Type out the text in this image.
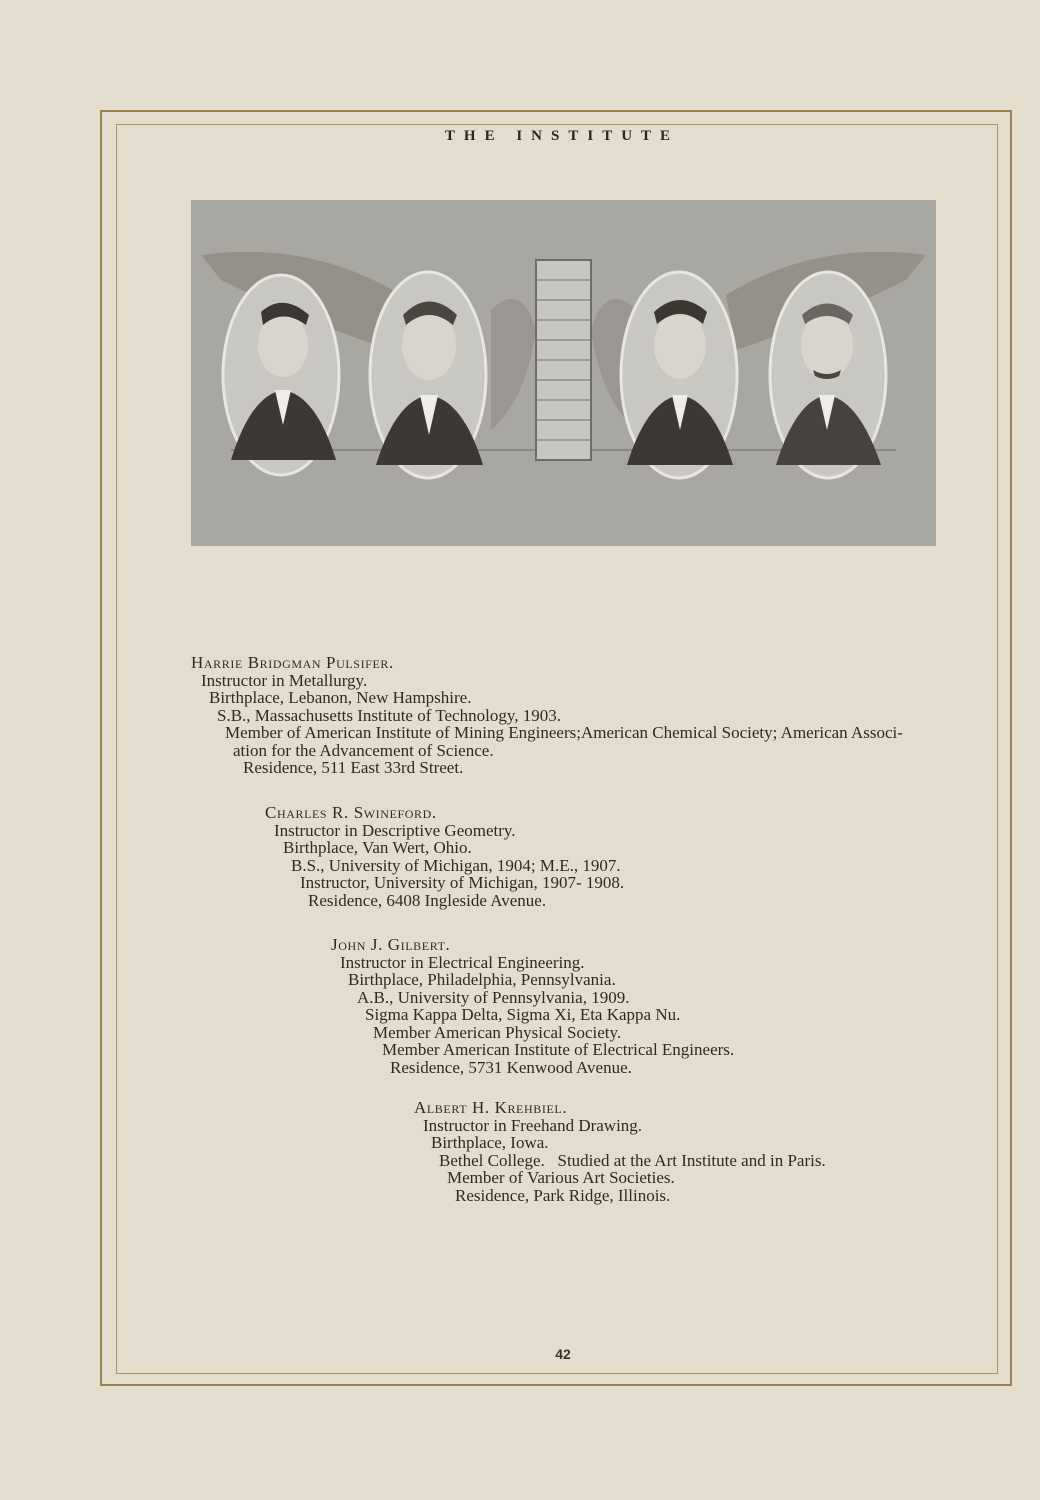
THE INSTITUTE
Harrie Bridgman Pulsifer.
Instructor in Metallurgy.
Birthplace, Lebanon, New Hampshire.
S.B., Massachusetts Institute of Technology, 1903.
Member of American Institute of Mining Engineers;American Chemical Society; American Associ-
ation for the Advancement of Science.
Residence, 511 East 33rd Street.
Charles R. Swineford.
Instructor in Descriptive Geometry.
Birthplace, Van Wert, Ohio.
B.S., University of Michigan, 1904; M.E., 1907.
Instructor, University of Michigan, 1907- 1908.
Residence, 6408 Ingleside Avenue.
John J. Gilbert.
Instructor in Electrical Engineering.
Birthplace, Philadelphia, Pennsylvania.
A.B., University of Pennsylvania, 1909.
Sigma Kappa Delta, Sigma Xi, Eta Kappa Nu.
Member American Physical Society.
Member American Institute of Electrical Engineers.
Residence, 5731 Kenwood Avenue.
Albert H. Krehbiel.
Instructor in Freehand Drawing.
Birthplace, Iowa.
Bethel College.   Studied at the Art Institute and in Paris.
Member of Various Art Societies.
Residence, Park Ridge, Illinois.
42
